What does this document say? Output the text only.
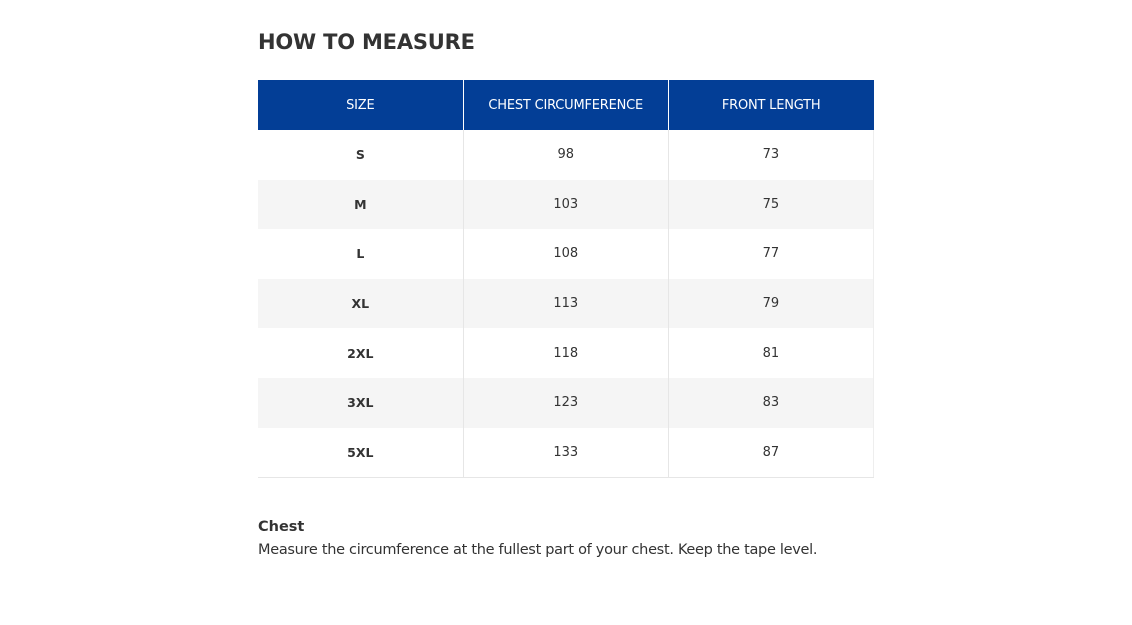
HOW TO MEASURE
SIZE	CHEST CIRCUMFERENCE	FRONT LENGTH
S	98	73
M	103	75
L	108	77
XL	113	79
2XL	118	81
3XL	123	83
5XL	133	87
Chest

Measure the circumference at the fullest part of your chest. Keep the tape level.
